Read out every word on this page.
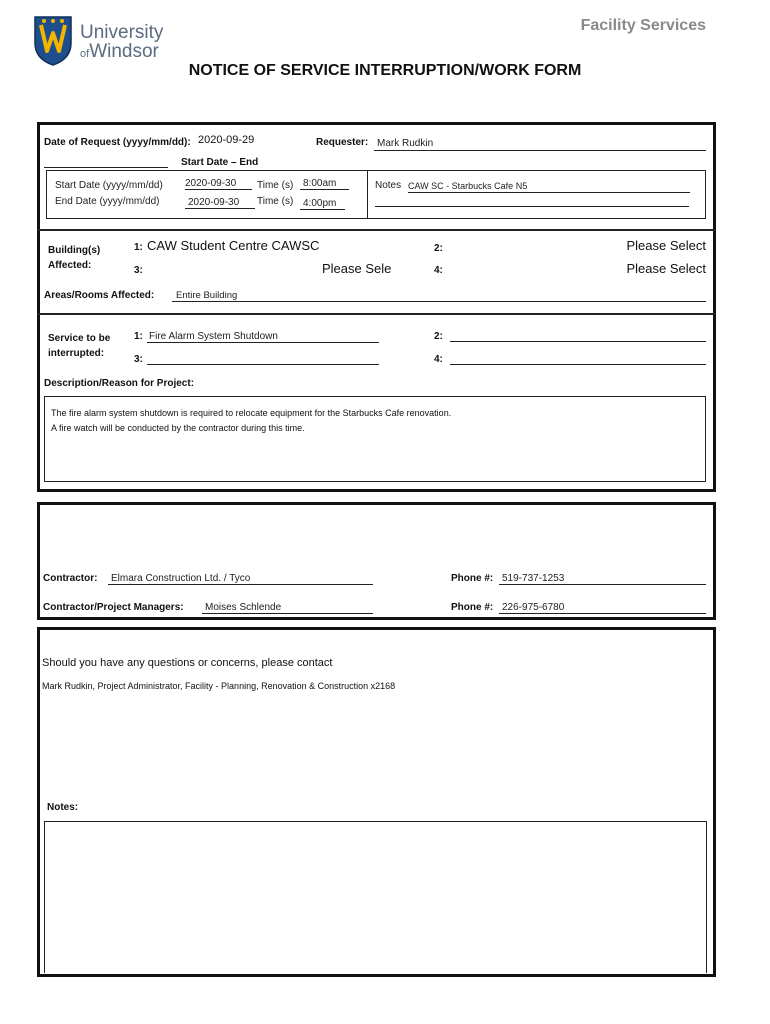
University
ofWindsor
Facility Services
NOTICE OF SERVICE INTERRUPTION/WORK FORM
Date of Request (yyyy/mm/dd): 2020-09-29	Requester: Mark Rudkin
Start Date – End
Start Date (yyyy/mm/dd) 2020-09-30	Time (s) 8:00am
End Date (yyyy/mm/dd)	2020-09-30	Time (s) 4:00pm
Notes CAW SC - Starbucks Cafe N5
Building(s)
Affected:
1: CAW Student Centre CAWSC	2:	Please Select
3:	Please Sele	4:	Please Select
Areas/Rooms Affected:	Entire Building
Service to be
interrupted:
1: Fire Alarm System Shutdown	2:
3:	4:
Description/Reason for Project:
The fire alarm system shutdown is required to relocate equipment for the Starbucks Cafe renovation.
A fire watch will be conducted by the contractor during this time.
Contractor:	Elmara Construction Ltd. / Tyco	Phone #: 519-737-1253
Contractor/Project Managers:	Moises Schlende	Phone #: 226-975-6780
Should you have any questions or concerns, please contact
Mark Rudkin, Project Administrator, Facility - Planning, Renovation & Construction x2168
Notes:
